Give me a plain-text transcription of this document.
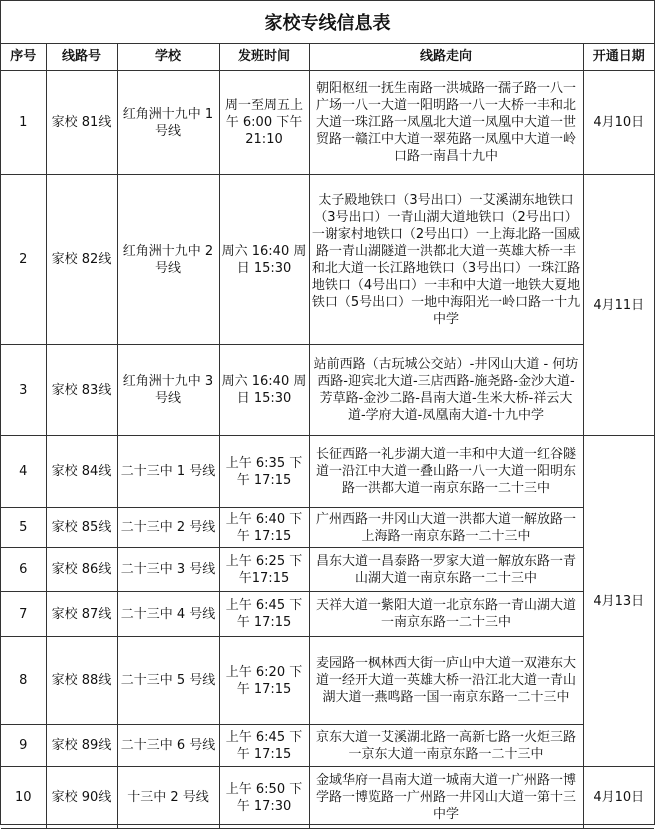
家校专线信息表
序号	线路号	学校	发班时间	线路走向	开通日期
1	家校 81线	红角洲十九中 1 号线	周一至周五上午 6:00 下午 21:10	朝阳枢纽一抚生南路一洪城路一孺子路一八一广场一八一大道一阳明路一八一大桥一丰和北大道一珠江路一凤凰北大道一凤凰中大道一世贸路一赣江中大道一翠苑路一凤凰中大道一岭口路一南昌十九中	4月10日
2	家校 82线	红角洲十九中 2 号线	周六 16:40 周日 15:30	太子殿地铁口（3号出口）一艾溪湖东地铁口（3号出口）一青山湖大道地铁口（2号出口）一谢家村地铁口（2号出口）一上海北路一国威路一青山湖隧道一洪都北大道一英雄大桥一丰和北大道一长江路地铁口（3号出口）一珠江路地铁口（4号出口）一丰和中大道一地铁大夏地铁口（5号出口）一地中海阳光一岭口路一十九中学	4月11日
3	家校 83线	红角洲十九中 3 号线	周六 16:40 周日 15:30	站前西路（古玩城公交站）-井冈山大道 - 何坊西路-迎宾北大道-三店西路-施尧路-金沙大道-芳草路-金沙二路-昌南大道-生米大桥-祥云大道-学府大道-凤凰南大道-十九中学	
4	家校 84线	二十三中 1 号线	上午 6:35 下午 17:15	长征西路一礼步湖大道一丰和中大道一红谷隧道一沿江中大道一叠山路一八一大道一阳明东路一洪都大道一南京东路一二十三中	4月13日
5	家校 85线	二十三中 2 号线	上午 6:40 下午 17:15	广州西路一井冈山大道一洪都大道一解放路一上海路一南京东路一二十三中	
6	家校 86线	二十三中 3 号线	上午 6:25 下午17:15	昌东大道一昌泰路一罗家大道一解放东路一青山湖大道一南京东路一二十三中	
7	家校 87线	二十三中 4 号线	上午 6:45 下午 17:15	天祥大道一紫阳大道一北京东路一青山湖大道一南京东路一二十三中	
8	家校 88线	二十三中 5 号线	上午 6:20 下午 17:15	麦园路一枫林西大街一庐山中大道一双港东大道一经开大道一英雄大桥一沿江北大道一青山湖大道一燕鸣路一国一南京东路一二十三中	
9	家校 89线	二十三中 6 号线	上午 6:45 下午 17:15	京东大道一艾溪湖北路一高新七路一火炬三路一京东大道一南京东路一二十三中	
10	家校 90线	十三中 2 号线	上午 6:50 下午 17:30	金域华府一昌南大道一城南大道一广州路一博学路一博览路一广州路一井冈山大道一第十三中学	4月10日
